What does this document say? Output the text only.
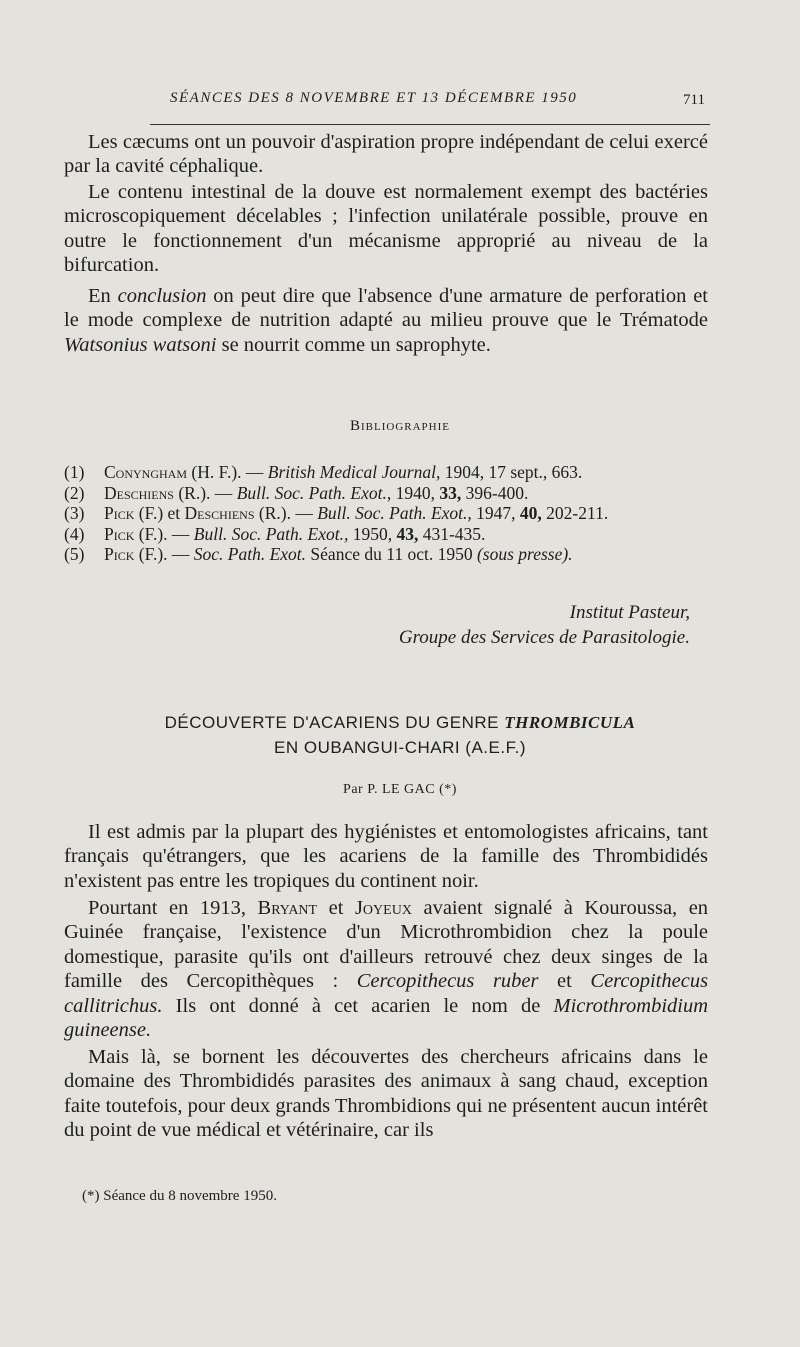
SÉANCES DES 8 NOVEMBRE ET 13 DÉCEMBRE 1950	711

Les cæcums ont un pouvoir d'aspiration propre indépendant de celui exercé par la cavité céphalique.

Le contenu intestinal de la douve est normalement exempt des bactéries microscopiquement décelables ; l'infection unilatérale possible, prouve en outre le fonctionnement d'un mécanisme approprié au niveau de la bifurcation.

En conclusion on peut dire que l'absence d'une armature de perforation et le mode complexe de nutrition adapté au milieu prouve que le Trématode Watsonius watsoni se nourrit comme un saprophyte.

Bibliographie

(1) Conyngham (H. F.). — British Medical Journal, 1904, 17 sept., 663.

(2) Deschiens (R.). — Bull. Soc. Path. Exot., 1940, 33, 396-400.

(3) Pick (F.) et Deschiens (R.). — Bull. Soc. Path. Exot., 1947, 40, 202-211.

(4) Pick (F.). — Bull. Soc. Path. Exot., 1950, 43, 431-435.

(5) Pick (F.). — Soc. Path. Exot. Séance du 11 oct. 1950 (sous presse).

Institut Pasteur,
Groupe des Services de Parasitologie.
DÉCOUVERTE D'ACARIENS DU GENRE THROMBICULA
EN OUBANGUI-CHARI (A.E.F.)
Par P. LE GAC (*)

Il est admis par la plupart des hygiénistes et entomologistes africains, tant français qu'étrangers, que les acariens de la famille des Thrombididés n'existent pas entre les tropiques du continent noir.

Pourtant en 1913, Bryant et Joyeux avaient signalé à Kouroussa, en Guinée française, l'existence d'un Microthrombidion chez la poule domestique, parasite qu'ils ont d'ailleurs retrouvé chez deux singes de la famille des Cercopithèques : Cercopithecus ruber et Cercopithecus callitrichus. Ils ont donné à cet acarien le nom de Microthrombidium guineense.

Mais là, se bornent les découvertes des chercheurs africains dans le domaine des Thrombididés parasites des animaux à sang chaud, exception faite toutefois, pour deux grands Thrombidions qui ne présentent aucun intérêt du point de vue médical et vétérinaire, car ils

(*) Séance du 8 novembre 1950.
